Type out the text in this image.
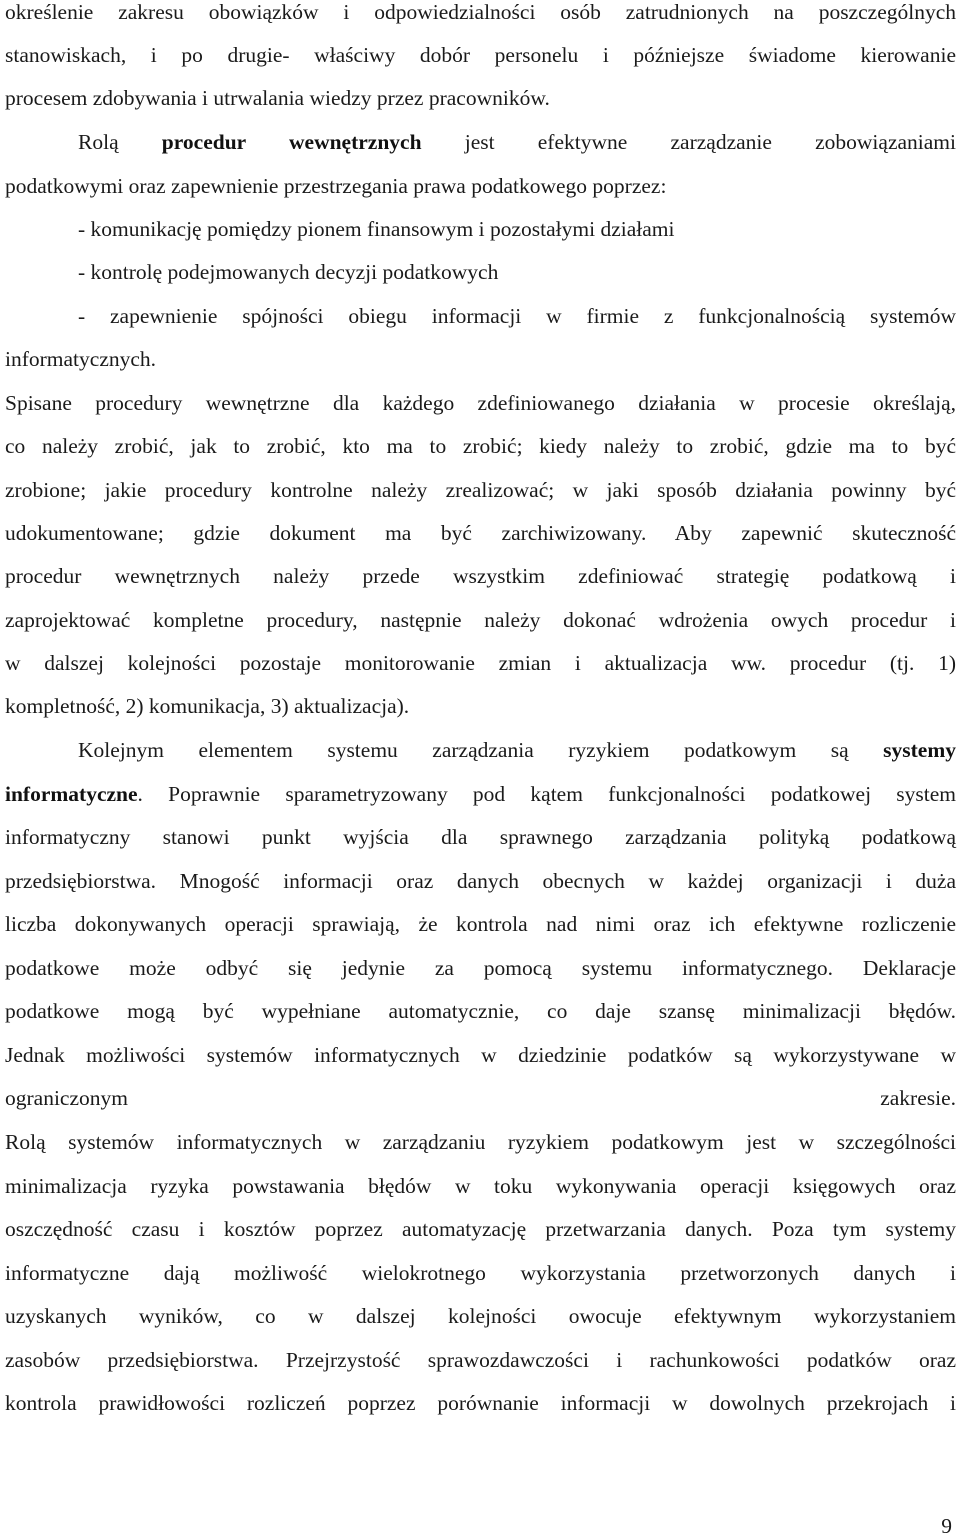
określenie zakresu obowiązków i odpowiedzialności osób zatrudnionych na poszczególnych
stanowiskach, i po drugie- właściwy dobór personelu i późniejsze świadome kierowanie
procesem zdobywania i utrwalania wiedzy przez pracowników.
Rolą procedur wewnętrznych jest efektywne zarządzanie zobowiązaniami
podatkowymi oraz zapewnienie przestrzegania prawa podatkowego poprzez:
- komunikację pomiędzy pionem finansowym i pozostałymi działami
- kontrolę podejmowanych decyzji podatkowych
- zapewnienie spójności obiegu informacji w firmie z funkcjonalnością systemów
informatycznych.
Spisane procedury wewnętrzne dla każdego zdefiniowanego działania w procesie określają,
co należy zrobić, jak to zrobić, kto ma to zrobić; kiedy należy to zrobić, gdzie ma to być
zrobione; jakie procedury kontrolne należy zrealizować; w jaki sposób działania powinny być
udokumentowane; gdzie dokument ma być zarchiwizowany. Aby zapewnić skuteczność
procedur wewnętrznych należy przede wszystkim zdefiniować strategię podatkową i
zaprojektować kompletne procedury, następnie należy dokonać wdrożenia owych procedur i
w dalszej kolejności pozostaje monitorowanie zmian i aktualizacja ww. procedur (tj. 1)
kompletność, 2) komunikacja, 3) aktualizacja).
Kolejnym elementem systemu zarządzania ryzykiem podatkowym są systemy
informatyczne. Poprawnie sparametryzowany pod kątem funkcjonalności podatkowej system
informatyczny stanowi punkt wyjścia dla sprawnego zarządzania polityką podatkową
przedsiębiorstwa. Mnogość informacji oraz danych obecnych w każdej organizacji i duża
liczba dokonywanych operacji sprawiają, że kontrola nad nimi oraz ich efektywne rozliczenie
podatkowe może odbyć się jedynie za pomocą systemu informatycznego. Deklaracje
podatkowe mogą być wypełniane automatycznie, co daje szansę minimalizacji błędów.
Jednak możliwości systemów informatycznych w dziedzinie podatków są wykorzystywane w
ograniczonym zakresie.
Rolą systemów informatycznych w zarządzaniu ryzykiem podatkowym jest w szczególności
minimalizacja ryzyka powstawania błędów w toku wykonywania operacji księgowych oraz
oszczędność czasu i kosztów poprzez automatyzację przetwarzania danych. Poza tym systemy
informatyczne dają możliwość wielokrotnego wykorzystania przetworzonych danych i
uzyskanych wyników, co w dalszej kolejności owocuje efektywnym wykorzystaniem
zasobów przedsiębiorstwa. Przejrzystość sprawozdawczości i rachunkowości podatków oraz
kontrola prawidłowości rozliczeń poprzez porównanie informacji w dowolnych przekrojach i
9
